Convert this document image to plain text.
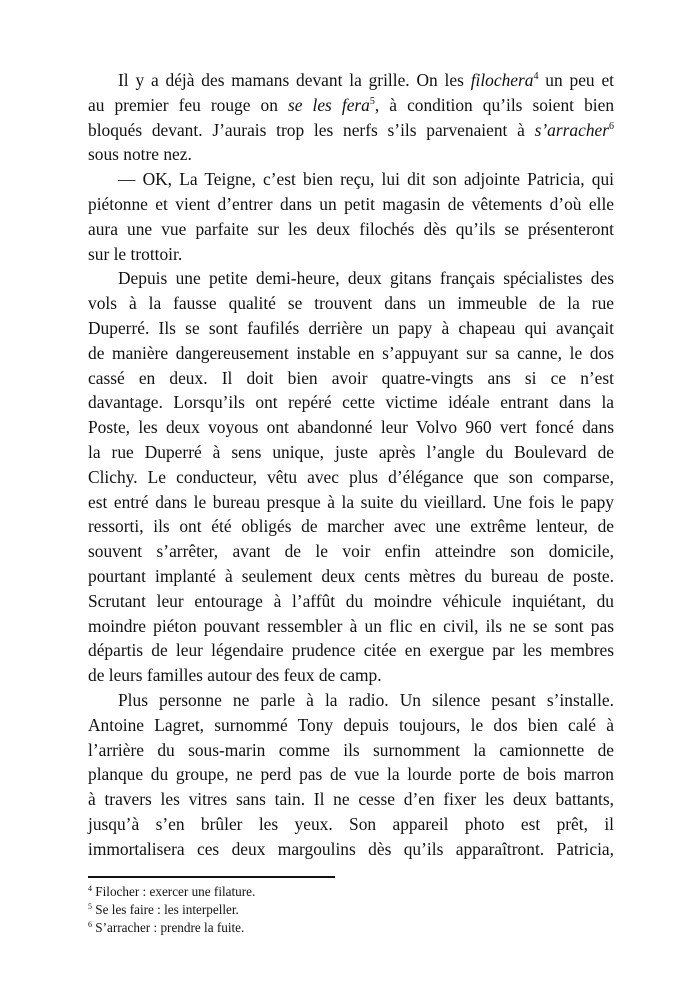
Il y a déjà des mamans devant la grille. On les filochera$^4$ un peu et
au premier feu rouge on se les fera$^5$, à condition qu’ils soient bien
bloqués devant. J’aurais trop les nerfs s’ils parvenaient à s’arracher$^6$
sous notre nez.
— OK, La Teigne, c’est bien reçu, lui dit son adjointe Patricia, qui
piétonne et vient d’entrer dans un petit magasin de vêtements d’où elle
aura une vue parfaite sur les deux filochés dès qu’ils se présenteront
sur le trottoir.
Depuis une petite demi-heure, deux gitans français spécialistes des
vols à la fausse qualité se trouvent dans un immeuble de la rue
Duperré. Ils se sont faufilés derrière un papy à chapeau qui avançait
de manière dangereusement instable en s’appuyant sur sa canne, le dos
cassé en deux. Il doit bien avoir quatre-vingts ans si ce n’est
davantage. Lorsqu’ils ont repéré cette victime idéale entrant dans la
Poste, les deux voyous ont abandonné leur Volvo 960 vert foncé dans
la rue Duperré à sens unique, juste après l’angle du Boulevard de
Clichy. Le conducteur, vêtu avec plus d’élégance que son comparse,
est entré dans le bureau presque à la suite du vieillard. Une fois le papy
ressorti, ils ont été obligés de marcher avec une extrême lenteur, de
souvent s’arrêter, avant de le voir enfin atteindre son domicile,
pourtant implanté à seulement deux cents mètres du bureau de poste.
Scrutant leur entourage à l’affût du moindre véhicule inquiétant, du
moindre piéton pouvant ressembler à un flic en civil, ils ne se sont pas
départis de leur légendaire prudence citée en exergue par les membres
de leurs familles autour des feux de camp.
Plus personne ne parle à la radio. Un silence pesant s’installe.
Antoine Lagret, surnommé Tony depuis toujours, le dos bien calé à
l’arrière du sous-marin comme ils surnomment la camionnette de
planque du groupe, ne perd pas de vue la lourde porte de bois marron
à travers les vitres sans tain. Il ne cesse d’en fixer les deux battants,
jusqu’à s’en brûler les yeux. Son appareil photo est prêt, il
immortalisera ces deux margoulins dès qu’ils apparaîtront. Patricia,
$^4$ Filocher : exercer une filature.
$^5$ Se les faire : les interpeller.
$^6$ S’arracher : prendre la fuite.
